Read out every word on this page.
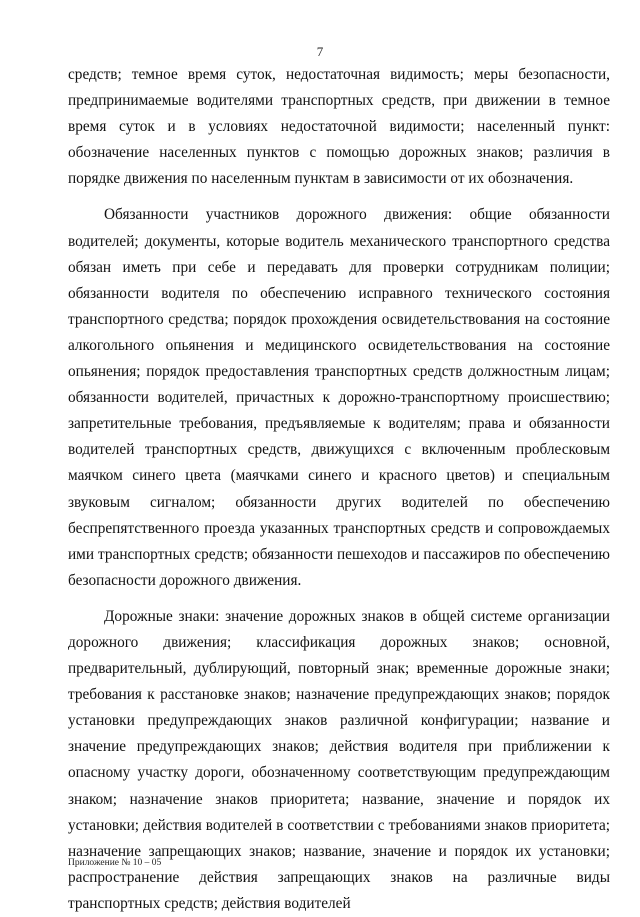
7

средств; темное время суток, недостаточная видимость; меры безопасности, предпринимаемые водителями транспортных средств, при движении в темное время суток и в условиях недостаточной видимости; населенный пункт: обозначение населенных пунктов с помощью дорожных знаков; различия в порядке движения по населенным пунктам в зависимости от их обозначения.

Обязанности участников дорожного движения: общие обязанности водителей; документы, которые водитель механического транспортного средства обязан иметь при себе и передавать для проверки сотрудникам полиции; обязанности водителя по обеспечению исправного технического состояния транспортного средства; порядок прохождения освидетельствования на состояние алкогольного опьянения и медицинского освидетельствования на состояние опьянения; порядок предоставления транспортных средств должностным лицам; обязанности водителей, причастных к дорожно-транспортному происшествию; запретительные требования, предъявляемые к водителям; права и обязанности водителей транспортных средств, движущихся с включенным проблесковым маячком синего цвета (маячками синего и красного цветов) и специальным звуковым сигналом; обязанности других водителей по обеспечению беспрепятственного проезда указанных транспортных средств и сопровождаемых ими транспортных средств; обязанности пешеходов и пассажиров по обеспечению безопасности дорожного движения.

Дорожные знаки: значение дорожных знаков в общей системе организации дорожного движения; классификация дорожных знаков; основной, предварительный, дублирующий, повторный знак; временные дорожные знаки; требования к расстановке знаков; назначение предупреждающих знаков; порядок установки предупреждающих знаков различной конфигурации; название и значение предупреждающих знаков; действия водителя при приближении к опасному участку дороги, обозначенному соответствующим предупреждающим знаком; назначение знаков приоритета; название, значение и порядок их установки; действия водителей в соответствии с требованиями знаков приоритета; назначение запрещающих знаков; название, значение и порядок их установки; распространение действия запрещающих знаков на различные виды транспортных средств; действия водителей

Приложение № 10 – 05
